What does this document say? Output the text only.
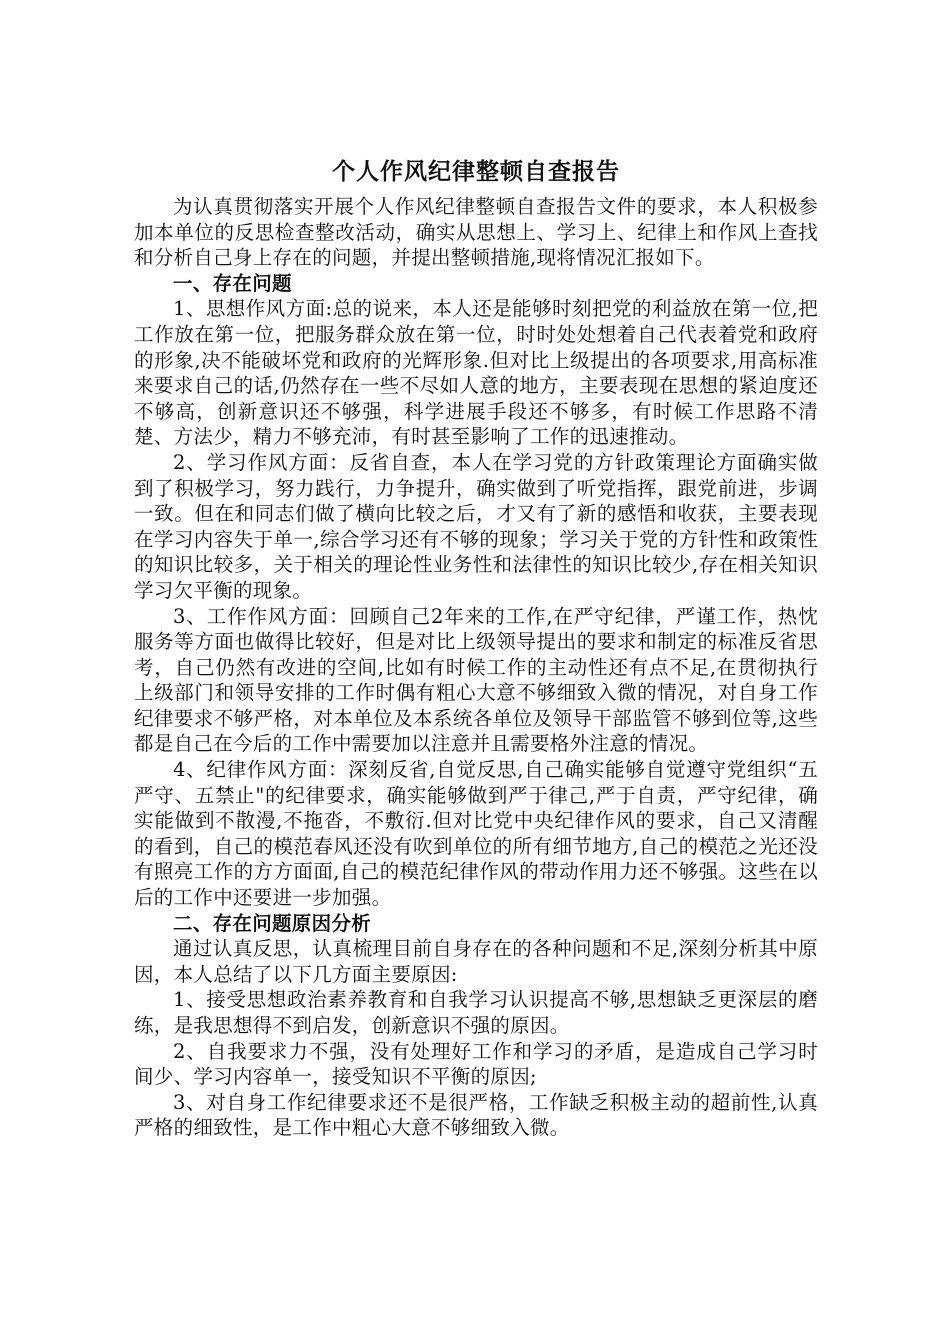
个人作风纪律整顿自查报告

为认真贯彻落实开展个人作风纪律整顿自查报告文件的要求，本人积极参加本单位的反思检查整改活动，确实从思想上、学习上、纪律上和作风上查找和分析自己身上存在的问题，并提出整顿措施,现将情况汇报如下。

一、存在问题

1、思想作风方面:总的说来，本人还是能够时刻把党的利益放在第一位,把工作放在第一位，把服务群众放在第一位，时时处处想着自己代表着党和政府的形象,决不能破坏党和政府的光辉形象.但对比上级提出的各项要求,用高标准来要求自己的话,仍然存在一些不尽如人意的地方，主要表现在思想的紧迫度还不够高，创新意识还不够强，科学进展手段还不够多，有时候工作思路不清楚、方法少，精力不够充沛，有时甚至影响了工作的迅速推动。

2、学习作风方面：反省自查，本人在学习党的方针政策理论方面确实做到了积极学习，努力践行，力争提升，确实做到了听党指挥，跟党前进，步调一致。但在和同志们做了横向比较之后，才又有了新的感悟和收获，主要表现在学习内容失于单一,综合学习还有不够的现象；学习关于党的方针性和政策性的知识比较多，关于相关的理论性业务性和法律性的知识比较少,存在相关知识学习欠平衡的现象。

3、工作作风方面：回顾自己2年来的工作,在严守纪律，严谨工作，热忱服务等方面也做得比较好，但是对比上级领导提出的要求和制定的标准反省思考，自己仍然有改进的空间,比如有时候工作的主动性还有点不足,在贯彻执行上级部门和领导安排的工作时偶有粗心大意不够细致入微的情况，对自身工作纪律要求不够严格，对本单位及本系统各单位及领导干部监管不够到位等,这些都是自己在今后的工作中需要加以注意并且需要格外注意的情况。

4、纪律作风方面：深刻反省,自觉反思,自己确实能够自觉遵守党组织“五严守、五禁止"的纪律要求，确实能够做到严于律己,严于自责，严守纪律，确实能做到不散漫,不拖沓，不敷衍.但对比党中央纪律作风的要求，自己又清醒的看到，自己的模范春风还没有吹到单位的所有细节地方,自己的模范之光还没有照亮工作的方方面面,自己的模范纪律作风的带动作用力还不够强。这些在以后的工作中还要进一步加强。

二、存在问题原因分析

通过认真反思，认真梳理目前自身存在的各种问题和不足,深刻分析其中原因，本人总结了以下几方面主要原因:

1、接受思想政治素养教育和自我学习认识提高不够,思想缺乏更深层的磨练，是我思想得不到启发，创新意识不强的原因。

2、自我要求力不强，没有处理好工作和学习的矛盾，是造成自己学习时间少、学习内容单一，接受知识不平衡的原因;

3、对自身工作纪律要求还不是很严格，工作缺乏积极主动的超前性,认真严格的细致性，是工作中粗心大意不够细致入微。
